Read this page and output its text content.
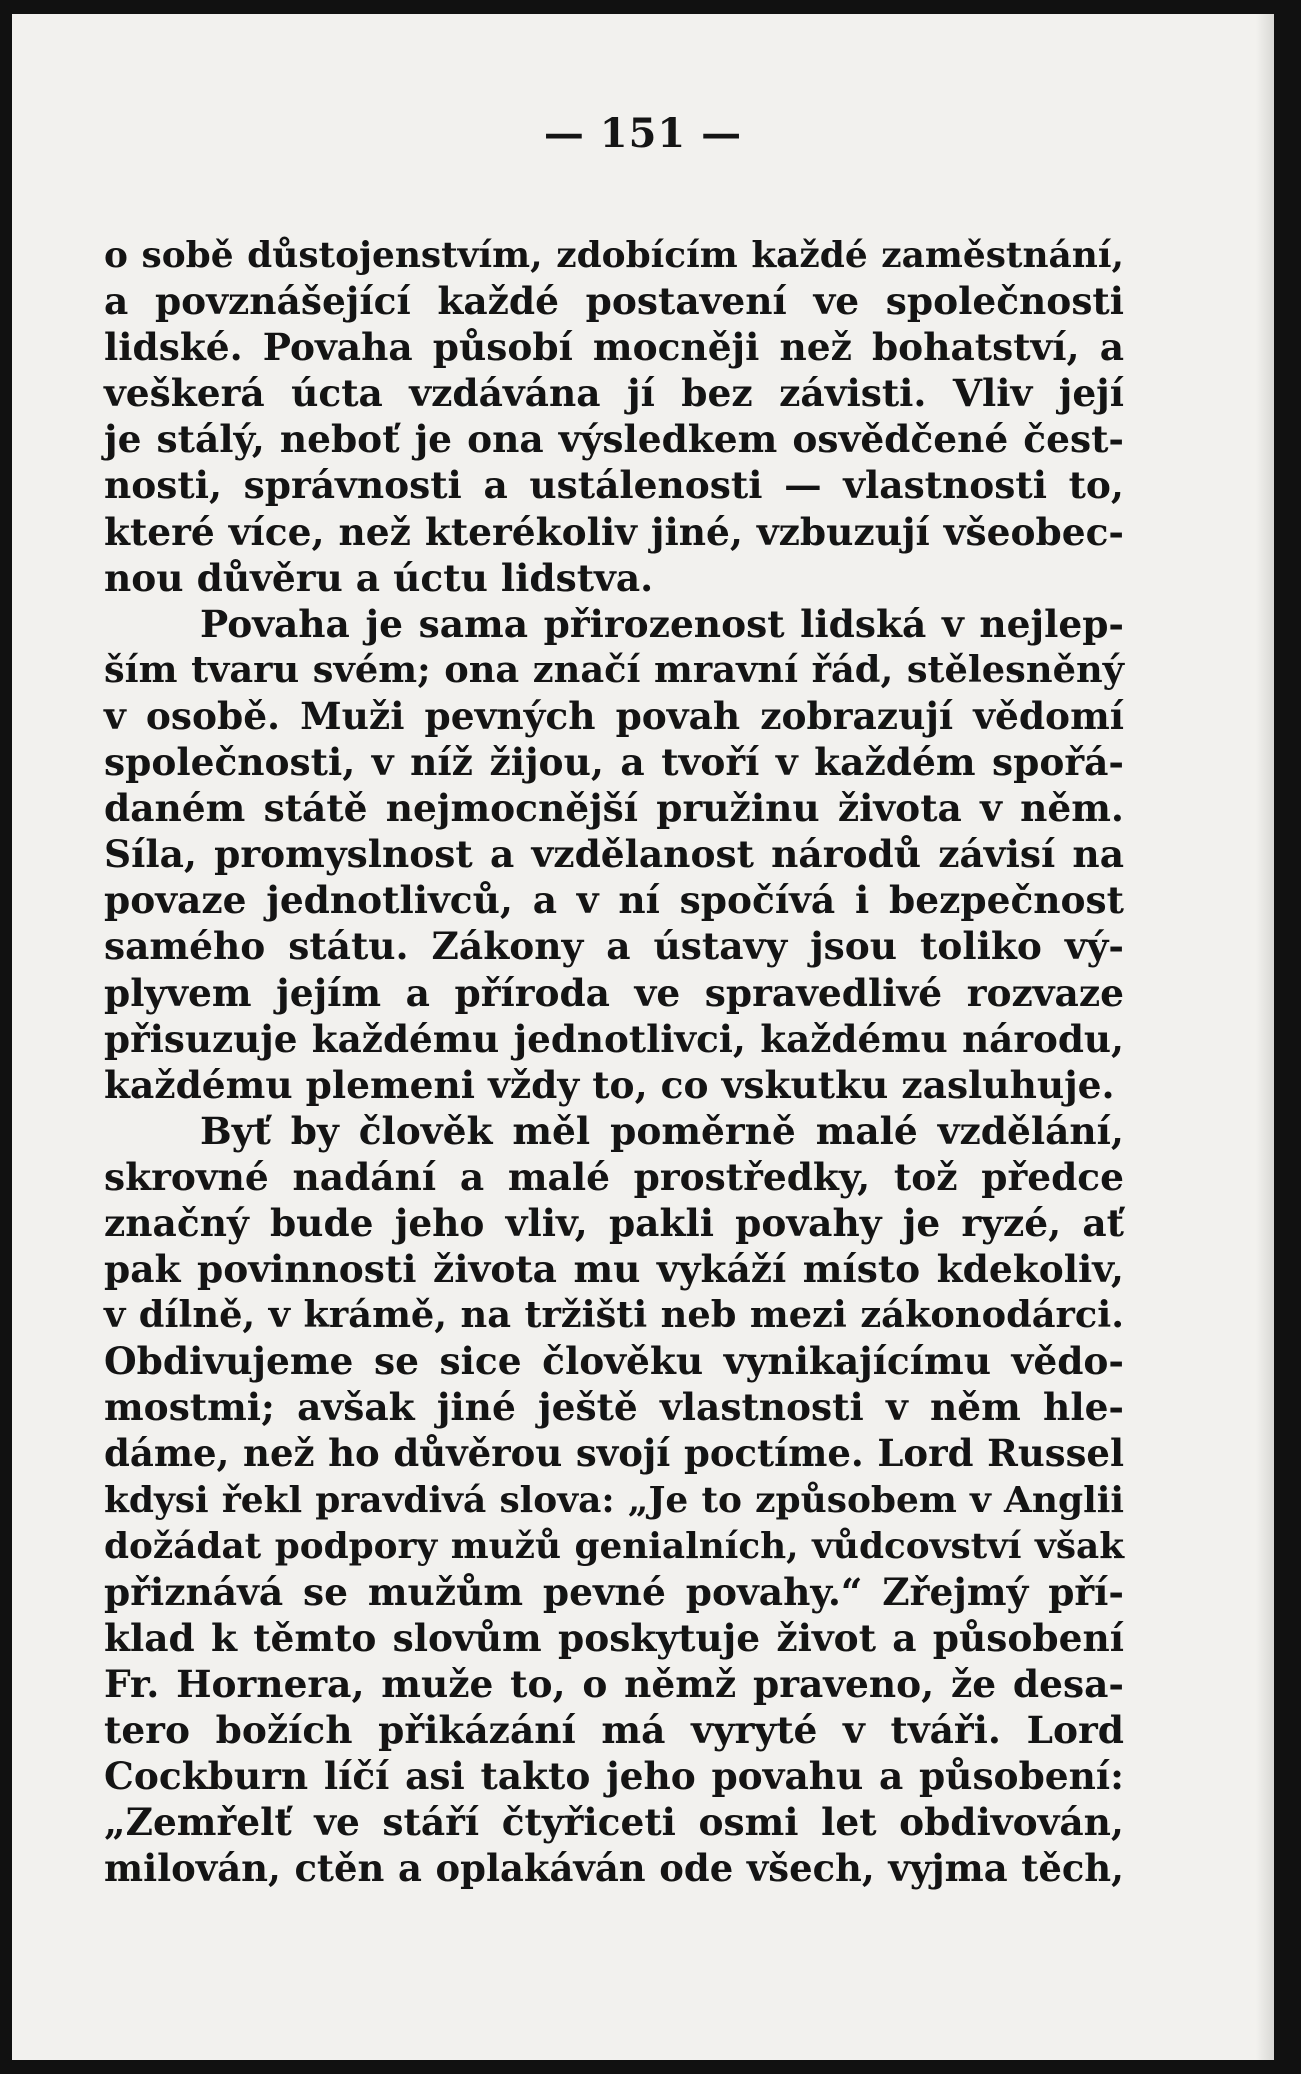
— 151 —
o sobě důstojenstvím, zdobícím každé zaměstnání,
a povznášející každé postavení ve společnosti
lidské. Povaha působí mocněji než bohatství, a
veškerá úcta vzdávána jí bez závisti. Vliv její
je stálý, neboť je ona výsledkem osvědčené čest-
nosti, správnosti a ustálenosti — vlastnosti to,
které více, než kterékoliv jiné, vzbuzují všeobec-
nou důvěru a úctu lidstva.
Povaha je sama přirozenost lidská v nejlep-
ším tvaru svém; ona značí mravní řád, stělesněný
v osobě. Muži pevných povah zobrazují vědomí
společnosti, v níž žijou, a tvoří v každém spořá-
daném státě nejmocnější pružinu života v něm.
Síla, promyslnost a vzdělanost národů závisí na
povaze jednotlivců, a v ní spočívá i bezpečnost
samého státu. Zákony a ústavy jsou toliko vý-
plyvem jejím a příroda ve spravedlivé rozvaze
přisuzuje každému jednotlivci, každému národu,
každému plemeni vždy to, co vskutku zasluhuje.
Byť by člověk měl poměrně malé vzdělání,
skrovné nadání a malé prostředky, tož předce
značný bude jeho vliv, pakli povahy je ryzé, ať
pak povinnosti života mu vykáží místo kdekoliv,
v dílně, v krámě, na tržišti neb mezi zákonodárci.
Obdivujeme se sice člověku vynikajícímu vědo-
mostmi; avšak jiné ještě vlastnosti v něm hle-
dáme, než ho důvěrou svojí poctíme. Lord Russel
kdysi řekl pravdivá slova: „Je to způsobem v Anglii
dožádat podpory mužů genialních, vůdcovství však
přiznává se mužům pevné povahy.“ Zřejmý pří-
klad k těmto slovům poskytuje život a působení
Fr. Hornera, muže to, o němž praveno, že desa-
tero božích přikázání má vyryté v tváři. Lord
Cockburn líčí asi takto jeho povahu a působení:
„Zemřelť ve stáří čtyřiceti osmi let obdivován,
milován, ctěn a oplakáván ode všech, vyjma těch,
